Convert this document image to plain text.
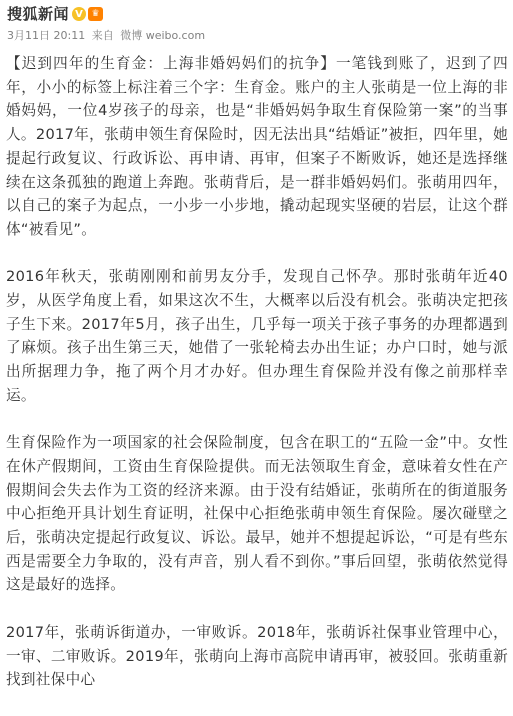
搜狐新闻 V ♛
3月11日 20:11 来自 微博 weibo.com

【迟到四年的生育金：上海非婚妈妈们的抗争】一笔钱到账了，迟到了四年，小小的标签上标注着三个字：生育金。账户的主人张萌是一位上海的非婚妈妈，一位4岁孩子的母亲，也是“非婚妈妈争取生育保险第一案”的当事人。2017年，张萌申领生育保险时，因无法出具“结婚证”被拒，四年里，她提起行政复议、行政诉讼、再申请、再审，但案子不断败诉，她还是选择继续在这条孤独的跑道上奔跑。张萌背后，是一群非婚妈妈们。张萌用四年，以自己的案子为起点，一小步一小步地，撬动起现实坚硬的岩层，让这个群体“被看见”。

2016年秋天，张萌刚刚和前男友分手，发现自己怀孕。那时张萌年近40岁，从医学角度上看，如果这次不生，大概率以后没有机会。张萌决定把孩子生下来。2017年5月，孩子出生，几乎每一项关于孩子事务的办理都遇到了麻烦。孩子出生第三天，她借了一张轮椅去办出生证；办户口时，她与派出所据理力争，拖了两个月才办好。但办理生育保险并没有像之前那样幸运。

生育保险作为一项国家的社会保险制度，包含在职工的“五险一金”中。女性在休产假期间，工资由生育保险提供。而无法领取生育金，意味着女性在产假期间会失去作为工资的经济来源。由于没有结婚证，张萌所在的街道服务中心拒绝开具计划生育证明，社保中心拒绝张萌申领生育保险。屡次碰壁之后，张萌决定提起行政复议、诉讼。最早，她并不想提起诉讼，“可是有些东西是需要全力争取的，没有声音，别人看不到你。”事后回望，张萌依然觉得这是最好的选择。

2017年，张萌诉街道办，一审败诉。2018年，张萌诉社保事业管理中心，一审、二审败诉。2019年，张萌向上海市高院申请再审，被驳回。张萌重新找到社保中心
